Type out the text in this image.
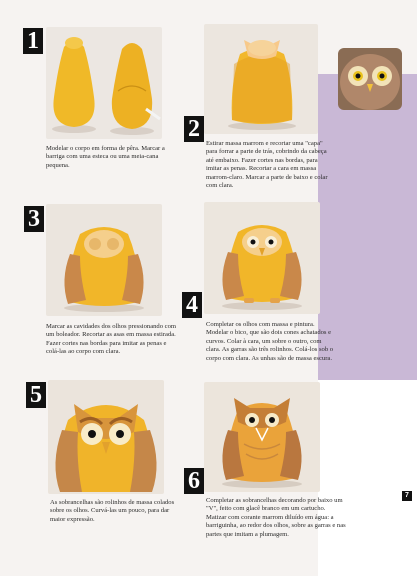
1

Modelar o corpo em forma de pêra. Marcar a barriga com uma esteca ou uma meia-cana pequena.

2

Estirar massa marrom e recortar uma "capa" para forrar a parte de trás, cobrindo da cabeça até embaixo. Fazer cortes nas bordas, para imitar as penas. Recortar a cara em massa marrom-claro. Marcar a parte de baixo e colar com clara.

3

Marcar as cavidades dos olhos pressionando com um boleador. Recortar as asas em massa estirada. Fazer cortes nas bordas para imitar as penas e colá-las ao corpo com clara.

4

Completar os olhos com massa e pintura. Modelar o bico, que são dois cones achatados e curvos. Colar à cara, um sobre o outro, com clara. As garras são três rolinhos. Colá-los sob o corpo com clara. As unhas são de massa escura.

5

As sobrancelhas são rolinhos de massa colados sobre os olhos. Curvá-las um pouco, para dar maior expressão.

6

Completar as sobrancelhas decorando por baixo um "V", feito com glacê branco em um cartucho. Matizar com corante marrom diluído em água: a barriguinha, ao redor dos olhos, sobre as garras e nas partes que imitam a plumagem.

7
